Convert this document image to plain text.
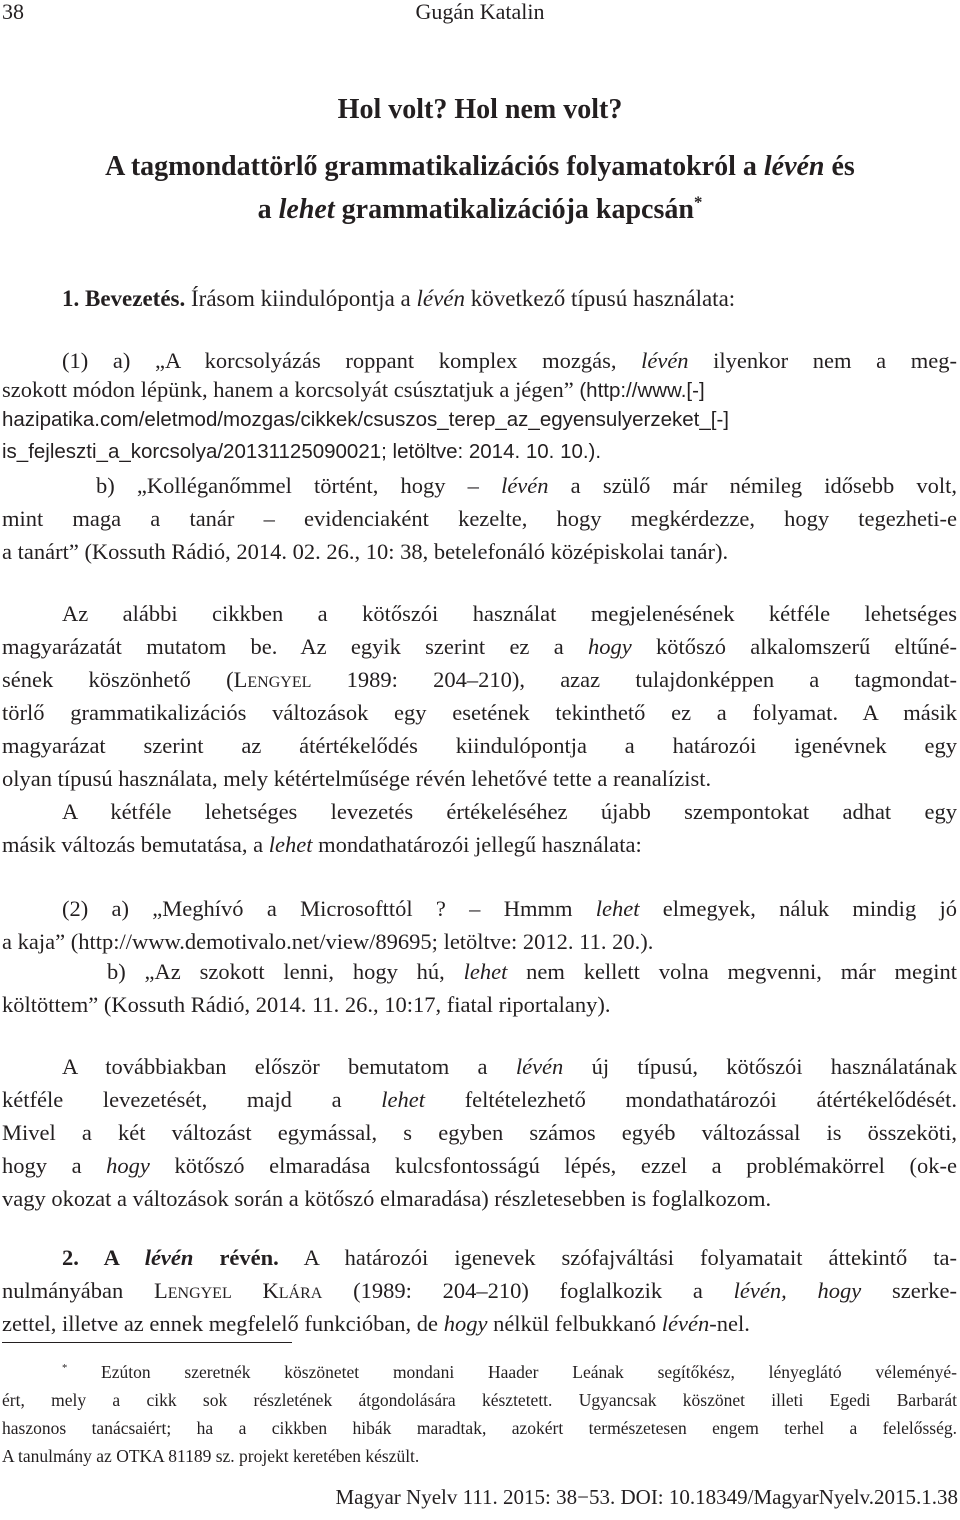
38	Gugán Katalin
Hol volt? Hol nem volt?
A tagmondattörlő grammatikalizációs folyamatokról a lévén és
a lehet grammatikalizációja kapcsán*
1. Bevezetés. Írásom kiindulópontja a lévén következő típusú használata:
(1) a) „A korcsolyázás roppant komplex mozgás, lévén ilyenkor nem a meg-
szokott módon lépünk, hanem a korcsolyát csúsztatjuk a jégen” (http://www.[-]
hazipatika.com/eletmod/mozgas/cikkek/csuszos_terep_az_egyensulyerzeket_[-]
is_fejleszti_a_korcsolya/20131125090021; letöltve: 2014. 10. 10.).
b) „Kolléganőmmel történt, hogy – lévén a szülő már némileg idősebb volt,
mint maga a tanár – evidenciaként kezelte, hogy megkérdezze, hogy tegezheti-e
a tanárt” (Kossuth Rádió, 2014. 02. 26., 10: 38, betelefonáló középiskolai tanár).
Az alábbi cikkben a kötőszói használat megjelenésének kétféle lehetséges
magyarázatát mutatom be. Az egyik szerint ez a hogy kötőszó alkalomszerű eltűné-
sének köszönhető (Lengyel 1989: 204–210), azaz tulajdonképpen a tagmondat-
törlő grammatikalizációs változások egy esetének tekinthető ez a folyamat. A másik
magyarázat szerint az átértékelődés kiindulópontja a határozói igenévnek egy
olyan típusú használata, mely kétértelműsége révén lehetővé tette a reanalízist.
A kétféle lehetséges levezetés értékeléséhez újabb szempontokat adhat egy
másik változás bemutatása, a lehet mondathatározói jellegű használata:
(2) a) „Meghívó a Microsofttól ? – Hmmm lehet elmegyek, náluk mindig jó
a kaja” (http://www.demotivalo.net/view/89695; letöltve: 2012. 11. 20.).
b) „Az szokott lenni, hogy hú, lehet nem kellett volna megvenni, már megint
költöttem” (Kossuth Rádió, 2014. 11. 26., 10:17, fiatal riportalany).
A továbbiakban először bemutatom a lévén új típusú, kötőszói használatának
kétféle levezetését, majd a lehet feltételezhető mondathatározói átértékelődését.
Mivel a két változást egymással, s egyben számos egyéb változással is összeköti,
hogy a hogy kötőszó elmaradása kulcsfontosságú lépés, ezzel a problémakörrel (ok-e
vagy okozat a változások során a kötőszó elmaradása) részletesebben is foglalkozom.
2. A lévén révén. A határozói igenevek szófajváltási folyamatait áttekintő ta-
nulmányában Lengyel Klára (1989: 204–210) foglalkozik a lévén, hogy szerke-
zettel, illetve az ennek megfelelő funkcióban, de hogy nélkül felbukkanó lévén-nel.
* Ezúton szeretnék köszönetet mondani Haader Leának segítőkész, lényeglátó véleményé-
ért, mely a cikk sok részletének átgondolására késztetett. Ugyancsak köszönet illeti Egedi Barbarát
haszonos tanácsaiért; ha a cikkben hibák maradtak, azokért természetesen engem terhel a felelősség.
A tanulmány az OTKA 81189 sz. projekt keretében készült.
Magyar Nyelv 111. 2015: 38−53. DOI: 10.18349/MagyarNyelv.2015.1.38
